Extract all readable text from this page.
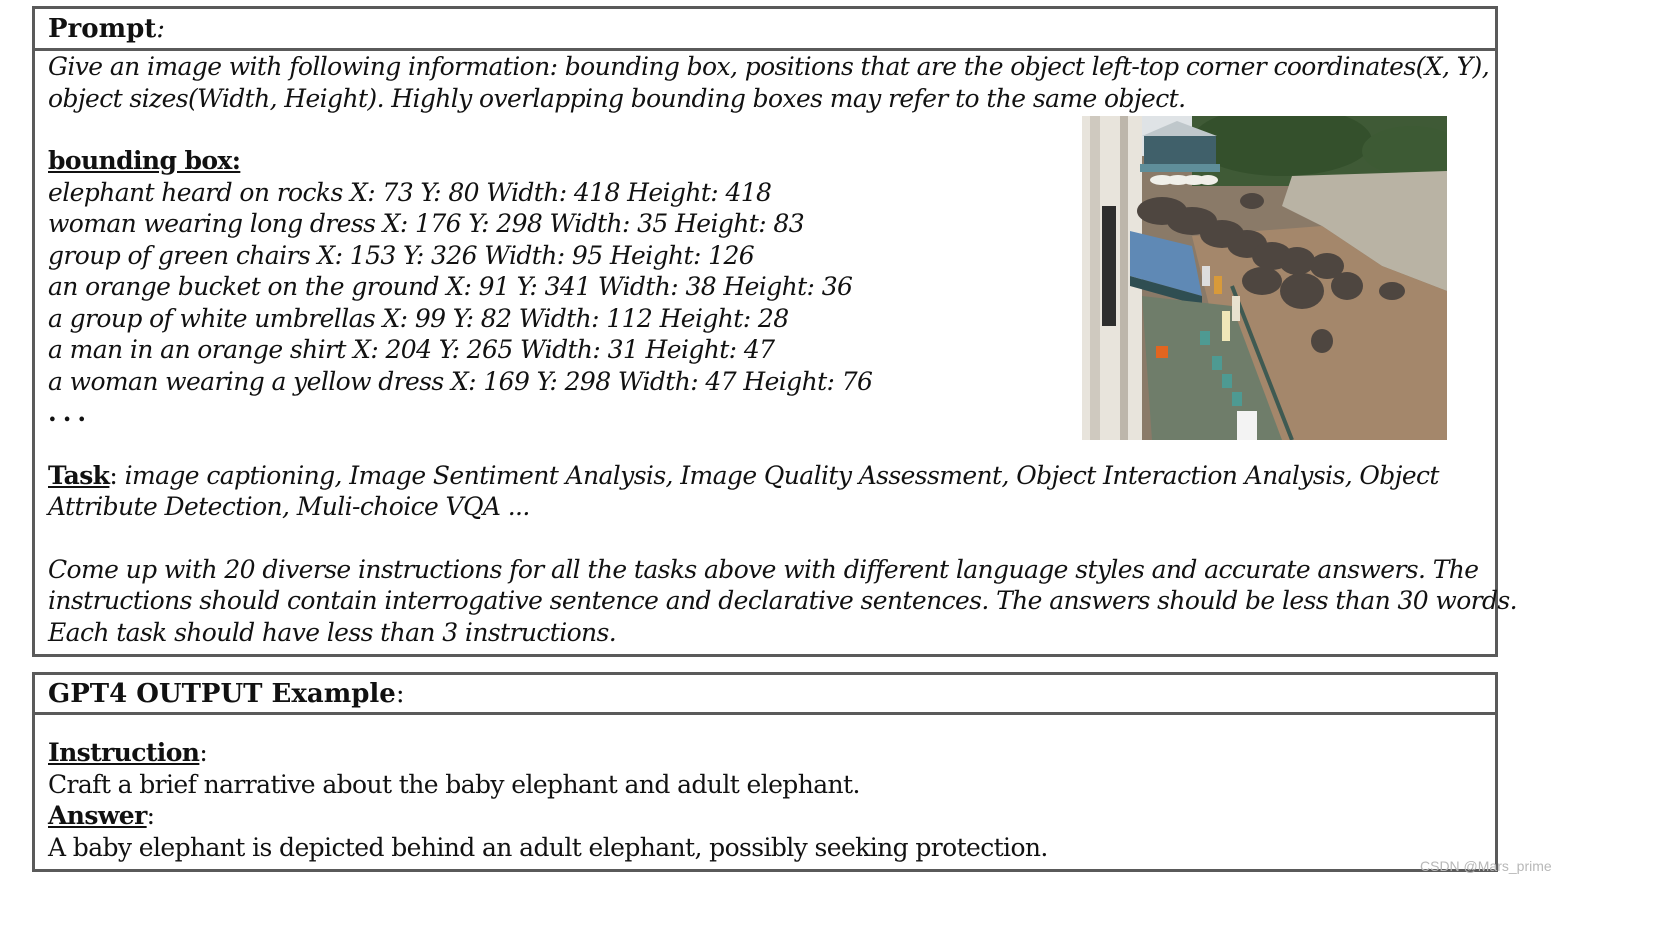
Prompt :
Give an image with following information: bounding box, positions that are the object left-top corner coordinates(X, Y),
object sizes(Width, Height). Highly overlapping bounding boxes may refer to the same object.
bounding box:
elephant heard on rocks X: 73 Y: 80 Width: 418 Height: 418
woman wearing long dress X: 176 Y: 298 Width: 35 Height: 83
group of green chairs X: 153 Y: 326 Width: 95 Height: 126
an orange bucket on the ground X: 91 Y: 341 Width: 38 Height: 36
a group of white umbrellas X: 99 Y: 82 Width: 112 Height: 28
a man in an orange shirt X: 204 Y: 265 Width: 31 Height: 47
a woman wearing a yellow dress X: 169 Y: 298 Width: 47 Height: 76
...
Task: image captioning, Image Sentiment Analysis, Image Quality Assessment, Object Interaction Analysis, Object
Attribute Detection, Muli-choice VQA ...
Come up with 20 diverse instructions for all the tasks above with different language styles and accurate answers. The
instructions should contain interrogative sentence and declarative sentences. The answers should be less than 30 words.
Each task should have less than 3 instructions.
GPT4 OUTPUT Example :
Instruction:
Craft a brief narrative about the baby elephant and adult elephant.
Answer:
A baby elephant is depicted behind an adult elephant, possibly seeking protection.
CSDN @Mars_prime
